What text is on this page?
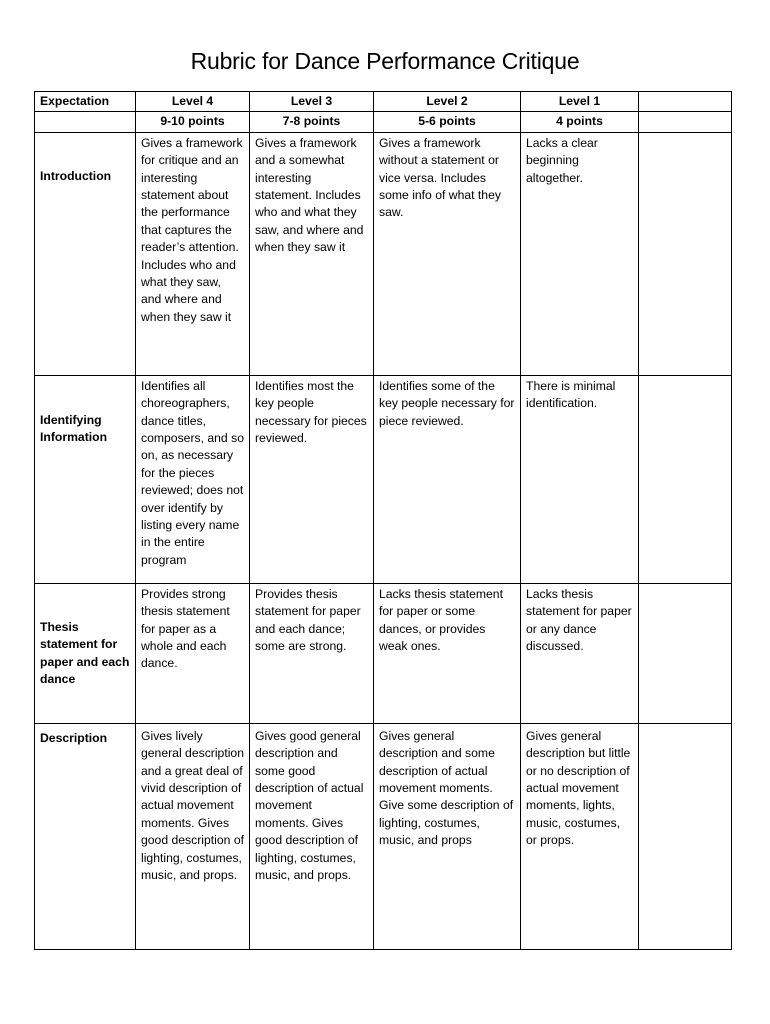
Rubric for Dance Performance Critique
Expectation	Level 4	Level 3	Level 2	Level 1	
	9-10 points	7-8 points	5-6 points	4 points	
Introduction	Gives a framework for critique and an interesting statement about the performance that captures the reader’s attention. Includes who and what they saw, and where and when they saw it	Gives a framework and a somewhat interesting statement. Includes who and what they saw, and where and when they saw it	Gives a framework without a statement or vice versa. Includes some info of what they saw.	Lacks a clear beginning altogether.	
Identifying Information	Identifies all choreographers, dance titles, composers, and so on, as necessary for the pieces reviewed; does not over identify by listing every name in the entire program	Identifies most the key people necessary for pieces reviewed.	Identifies some of the key people necessary for piece reviewed.	There is minimal identification.	
Thesis statement for paper and each dance	Provides strong thesis statement for paper as a whole and each dance.	Provides thesis statement for paper and each dance; some are strong.	Lacks thesis statement for paper or some dances, or provides weak ones.	Lacks thesis statement for paper or any dance discussed.	
Description	Gives lively general description and a great deal of vivid description of actual movement moments. Gives good description of lighting, costumes, music, and props.	Gives good general description and some good description of actual movement moments. Gives good description of lighting, costumes, music, and props.	Gives general description and some description of actual movement moments. Give some description of lighting, costumes, music, and props	Gives general description but little or no description of actual movement moments, lights, music, costumes, or props.	
